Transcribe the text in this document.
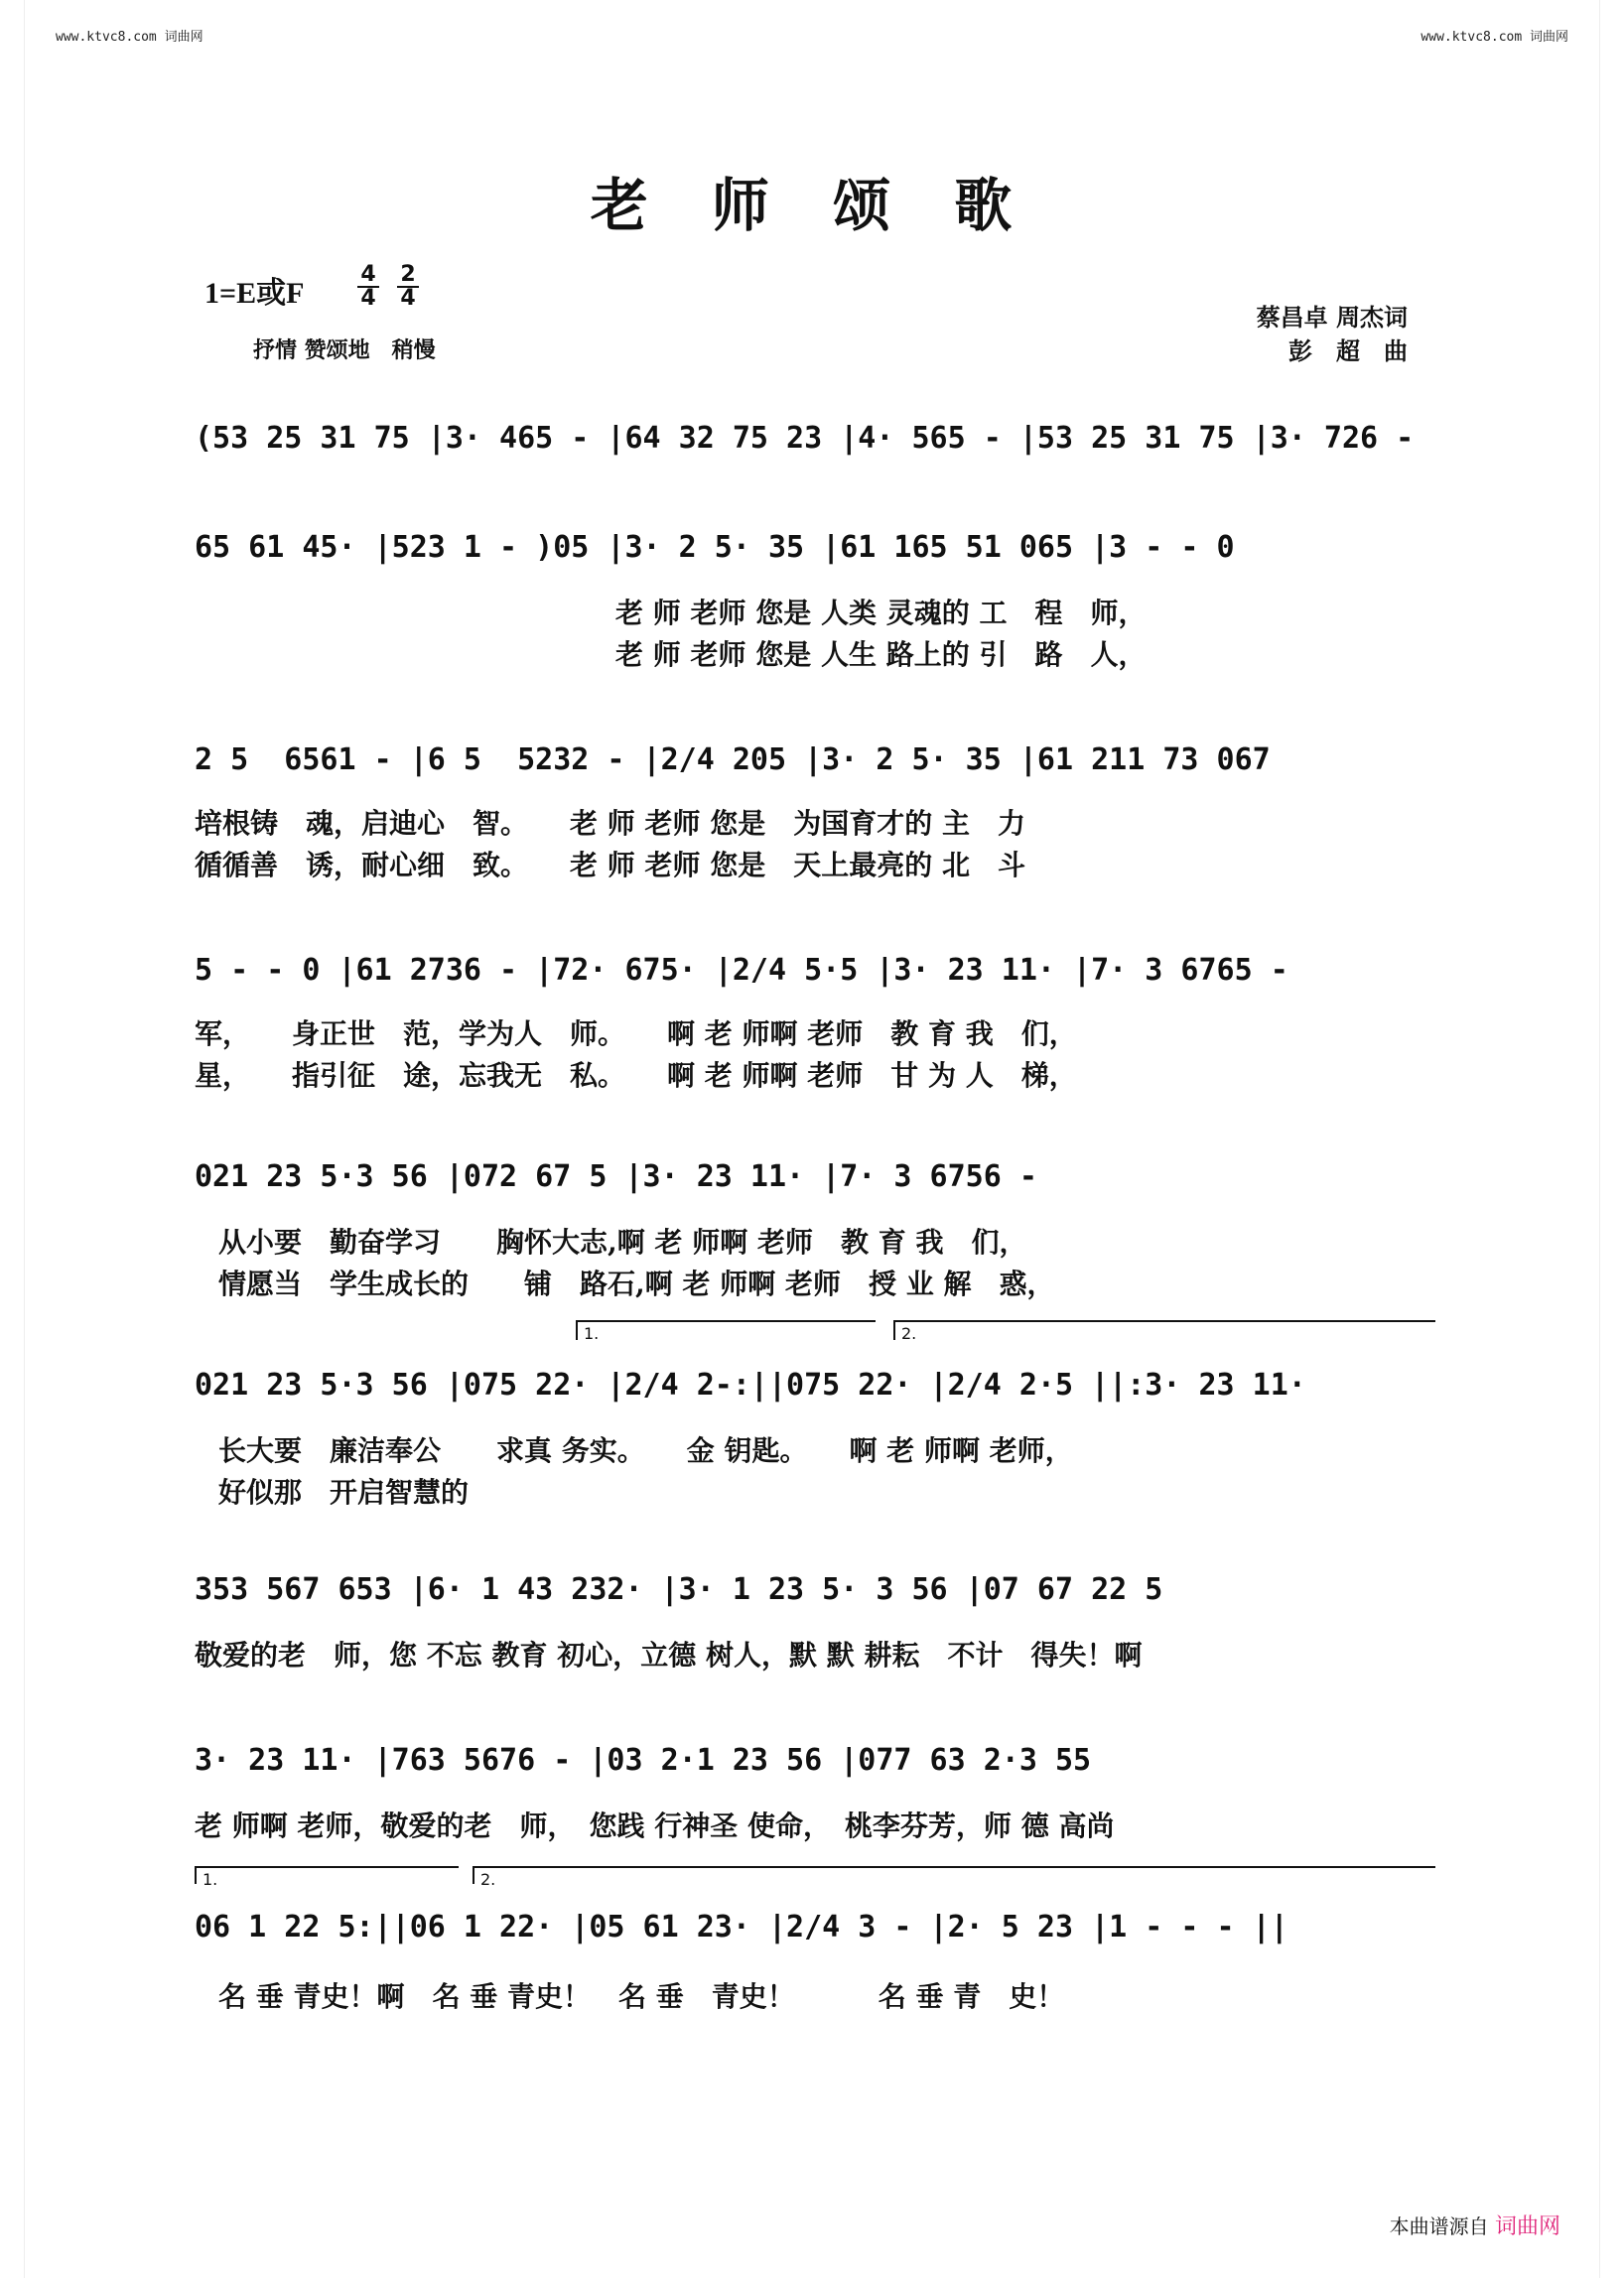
www.ktvc8.com 词曲网	www.ktvc8.com 词曲网
老 师 颂 歌
1=E或F
4
4
2
4
抒情 赞颂地　稍慢
蔡昌卓 周杰词
彭　超　曲
(53 25 31 75 |3· 465 - |64 32 75 23 |4· 565 - |53 25 31 75 |3· 726 -
65 61 45· |523 1 - )05 |3· 2 5· 35 |61 165 51 065 |3 - - 0
老 师 老师 您是 人类 灵魂的 工　程　师，
老 师 老师 您是 人生 路上的 引　路　人，
2 5  6561 - |6 5  5232 - |2/4 205 |3· 2 5· 35 |61 211 73 067
培根铸　魂，启迪心　智。　　老 师 老师 您是　为国育才的 主　力
循循善　诱，耐心细　致。　　老 师 老师 您是　天上最亮的 北　斗
5 - - 0 |61 2736 - |72· 675· |2/4 5·5 |3· 23 11· |7· 3 6765 -
军，　　身正世　范，学为人　师。　　啊 老 师啊 老师　教 育 我　们，
星，　　指引征　途，忘我无　私。　　啊 老 师啊 老师　甘 为 人　梯，
021 23 5·3 56 |072 67 5 |3· 23 11· |7· 3 6756 -
从小要　勤奋学习　　胸怀大志,啊 老 师啊 老师　教 育 我　们，
情愿当　学生成长的　　铺　路石,啊 老 师啊 老师　授 业 解　惑，
1.	2.
021 23 5·3 56 |075 22· |2/4 2-:||075 22· |2/4 2·5 ||:3· 23 11·
长大要　廉洁奉公　　求真 务实。　　金 钥匙。　　啊 老 师啊 老师，
好似那　开启智慧的
353 567 653 |6· 1 43 232· |3· 1 23 5· 3 56 |07 67 22 5
敬爱的老　师，您 不忘 教育 初心，立德 树人，默 默 耕耘　不计　得失！啊
3· 23 11· |763 5676 - |03 2·1 23 56 |077 63 2·3 55
老 师啊 老师，敬爱的老　师，　您践 行神圣 使命，　桃李芬芳，师 德 高尚
1.	2.
06 1 22 5:||06 1 22· |05 61 23· |2/4 3 - |2· 5 23 |1 - - - ||
名 垂 青史！啊　名 垂 青史！　名 垂　青史！　　　名 垂 青　史！
本曲谱源自 词曲网
